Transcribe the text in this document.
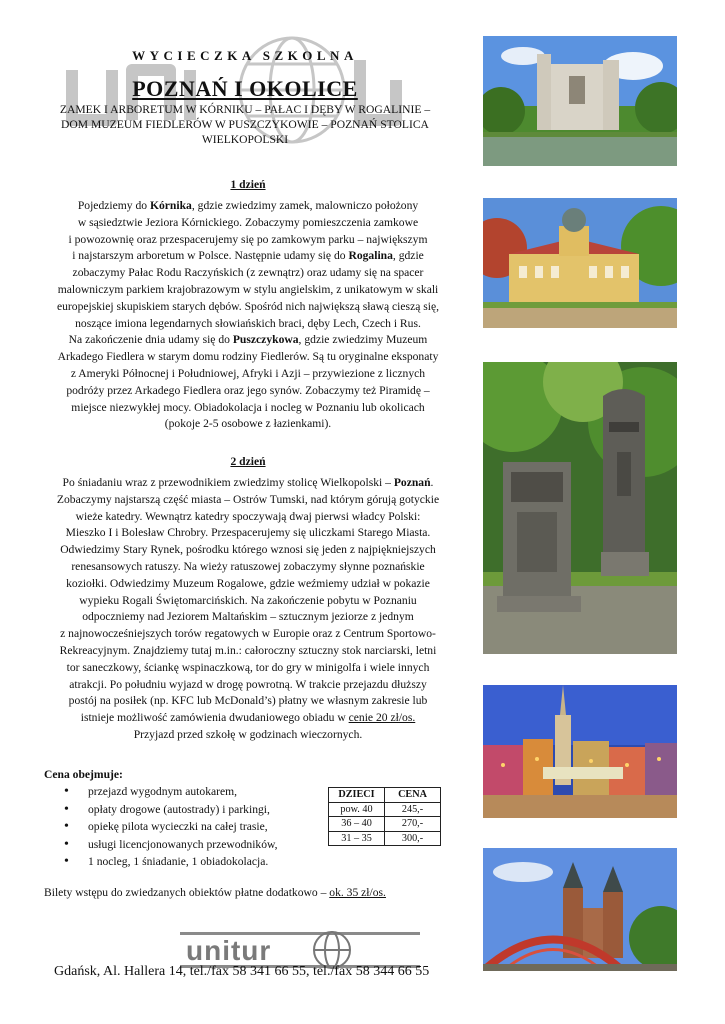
WYCIECZKA SZKOLNA
POZNAŃ I OKOLICE
ZAMEK I ARBORETUM W KÓRNIKU – PAŁAC I DĘBY W ROGALINIE –
DOM MUZEUM FIEDLERÓW W PUSZCZYKOWIE – POZNAŃ STOLICA
WIELKOPOLSKI
1 dzień
Pojedziemy do Kórnika, gdzie zwiedzimy zamek, malowniczo położony
w sąsiedztwie Jeziora Kórnickiego. Zobaczymy pomieszczenia zamkowe
i powozownię oraz przespacerujemy się po zamkowym parku – największym
i najstarszym arboretum w Polsce. Następnie udamy się do Rogalina, gdzie
zobaczymy Pałac Rodu Raczyńskich (z zewnątrz) oraz udamy się na spacer
malowniczym parkiem krajobrazowym w stylu angielskim, z unikatowym w skali
europejskiej skupiskiem starych dębów. Spośród nich największą sławą cieszą się,
noszące imiona legendarnych słowiańskich braci, dęby Lech, Czech i Rus.
Na zakończenie dnia udamy się do Puszczykowa, gdzie zwiedzimy Muzeum
Arkadego Fiedlera w starym domu rodziny Fiedlerów. Są tu oryginalne eksponaty
z Ameryki Północnej i Południowej, Afryki i Azji – przywiezione z licznych
podróży przez Arkadego Fiedlera oraz jego synów. Zobaczymy też Piramidę –
miejsce niezwykłej mocy. Obiadokolacja i nocleg w Poznaniu lub okolicach
(pokoje 2-5 osobowe z łazienkami).
2 dzień
Po śniadaniu wraz z przewodnikiem zwiedzimy stolicę Wielkopolski – Poznań.
Zobaczymy najstarszą część miasta – Ostrów Tumski, nad którym górują gotyckie
wieże katedry. Wewnątrz katedry spoczywają dwaj pierwsi władcy Polski:
Mieszko I i Bolesław Chrobry. Przespacerujemy się uliczkami Starego Miasta.
Odwiedzimy Stary Rynek, pośrodku którego wznosi się jeden z najpiękniejszych
renesansowych ratuszy. Na wieży ratuszowej zobaczymy słynne poznańskie
koziołki. Odwiedzimy Muzeum Rogalowe, gdzie weźmiemy udział w pokazie
wypieku Rogali Świętomarcińskich. Na zakończenie pobytu w Poznaniu
odpoczniemy nad Jeziorem Maltańskim – sztucznym jeziorze z jednym
z najnowocześniejszych torów regatowych w Europie oraz z Centrum Sportowo-
Rekreacyjnym. Znajdziemy tutaj m.in.: całoroczny sztuczny stok narciarski, letni
tor saneczkowy, ściankę wspinaczkową, tor do gry w minigolfa i wiele innych
atrakcji. Po południu wyjazd w drogę powrotną. W trakcie przejazdu dłuższy
postój na posiłek (np. KFC lub McDonald’s) płatny we własnym zakresie lub
istnieje możliwość zamówienia dwudaniowego obiadu w cenie 20 zł/os.
Przyjazd przed szkołę w godzinach wieczornych.
Cena obejmuje:
• przejazd wygodnym autokarem,
• opłaty drogowe (autostrady) i parkingi,
• opiekę pilota wycieczki na całej trasie,
• usługi licencjonowanych przewodników,
• 1 nocleg, 1 śniadanie, 1 obiadokolacja.
DZIECI	CENA
pow. 40	245,-
36 – 40	270,-
31 – 35	300,-
Bilety wstępu do zwiedzanych obiektów płatne dodatkowo – ok. 35 zł/os.
unitur
Gdańsk, Al. Hallera 14, tel./fax 58 341 66 55, tel./fax 58 344 66 55
